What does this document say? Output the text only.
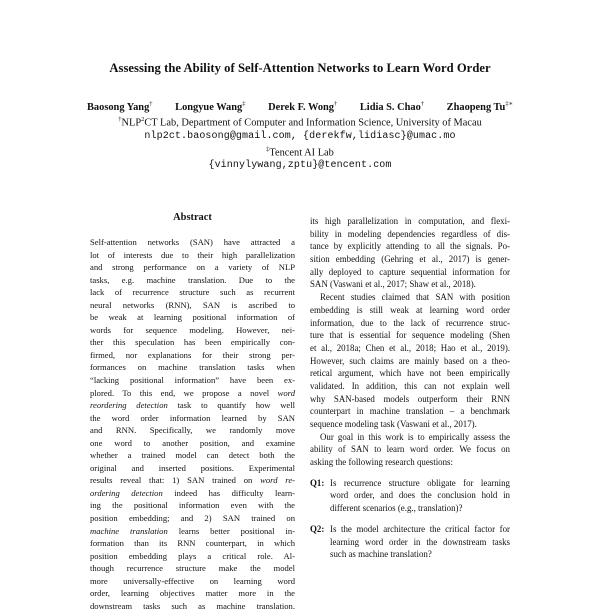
Assessing the Ability of Self-Attention Networks to Learn Word Order
Baosong Yang† Longyue Wang‡ Derek F. Wong† Lidia S. Chao† Zhaopeng Tu‡∗
†NLP$^2$CT Lab, Department of Computer and Information Science, University of Macau
nlp2ct.baosong@gmail.com, {derekfw,lidiasc}@umac.mo
‡Tencent AI Lab
{vinnylywang,zptu}@tencent.com
Abstract
Self-attention networks (SAN) have attracted a
lot of interests due to their high parallelization
and strong performance on a variety of NLP
tasks, e.g. machine translation. Due to the
lack of recurrence structure such as recurrent
neural networks (RNN), SAN is ascribed to
be weak at learning positional information of
words for sequence modeling. However, nei-
ther this speculation has been empirically con-
firmed, nor explanations for their strong per-
formances on machine translation tasks when
“lacking positional information” have been ex-
plored. To this end, we propose a novel word
reordering detection task to quantify how well
the word order information learned by SAN
and RNN. Specifically, we randomly move
one word to another position, and examine
whether a trained model can detect both the
original and inserted positions. Experimental
results reveal that: 1) SAN trained on word re-
ordering detection indeed has difficulty learn-
ing the positional information even with the
position embedding; and 2) SAN trained on
machine translation learns better positional in-
formation than its RNN counterpart, in which
position embedding plays a critical role. Al-
though recurrence structure make the model
more universally-effective on learning word
order, learning objectives matter more in the
downstream tasks such as machine translation.
its high parallelization in computation, and flexi-
bility in modeling dependencies regardless of dis-
tance by explicitly attending to all the signals. Po-
sition embedding (Gehring et al., 2017) is gener-
ally deployed to capture sequential information for
SAN (Vaswani et al., 2017; Shaw et al., 2018).
Recent studies claimed that SAN with position
embedding is still weak at learning word order
information, due to the lack of recurrence struc-
ture that is essential for sequence modeling (Shen
et al., 2018a; Chen et al., 2018; Hao et al., 2019).
However, such claims are mainly based on a theo-
retical argument, which have not been empirically
validated. In addition, this can not explain well
why SAN-based models outperform their RNN
counterpart in machine translation – a benchmark
sequence modeling task (Vaswani et al., 2017).
Our goal in this work is to empirically assess the
ability of SAN to learn word order. We focus on
asking the following research questions:
Q1: Is recurrence structure obligate for learning
word order, and does the conclusion hold in
different scenarios (e.g., translation)?
Q2: Is the model architecture the critical factor for
learning word order in the downstream tasks
such as machine translation?
